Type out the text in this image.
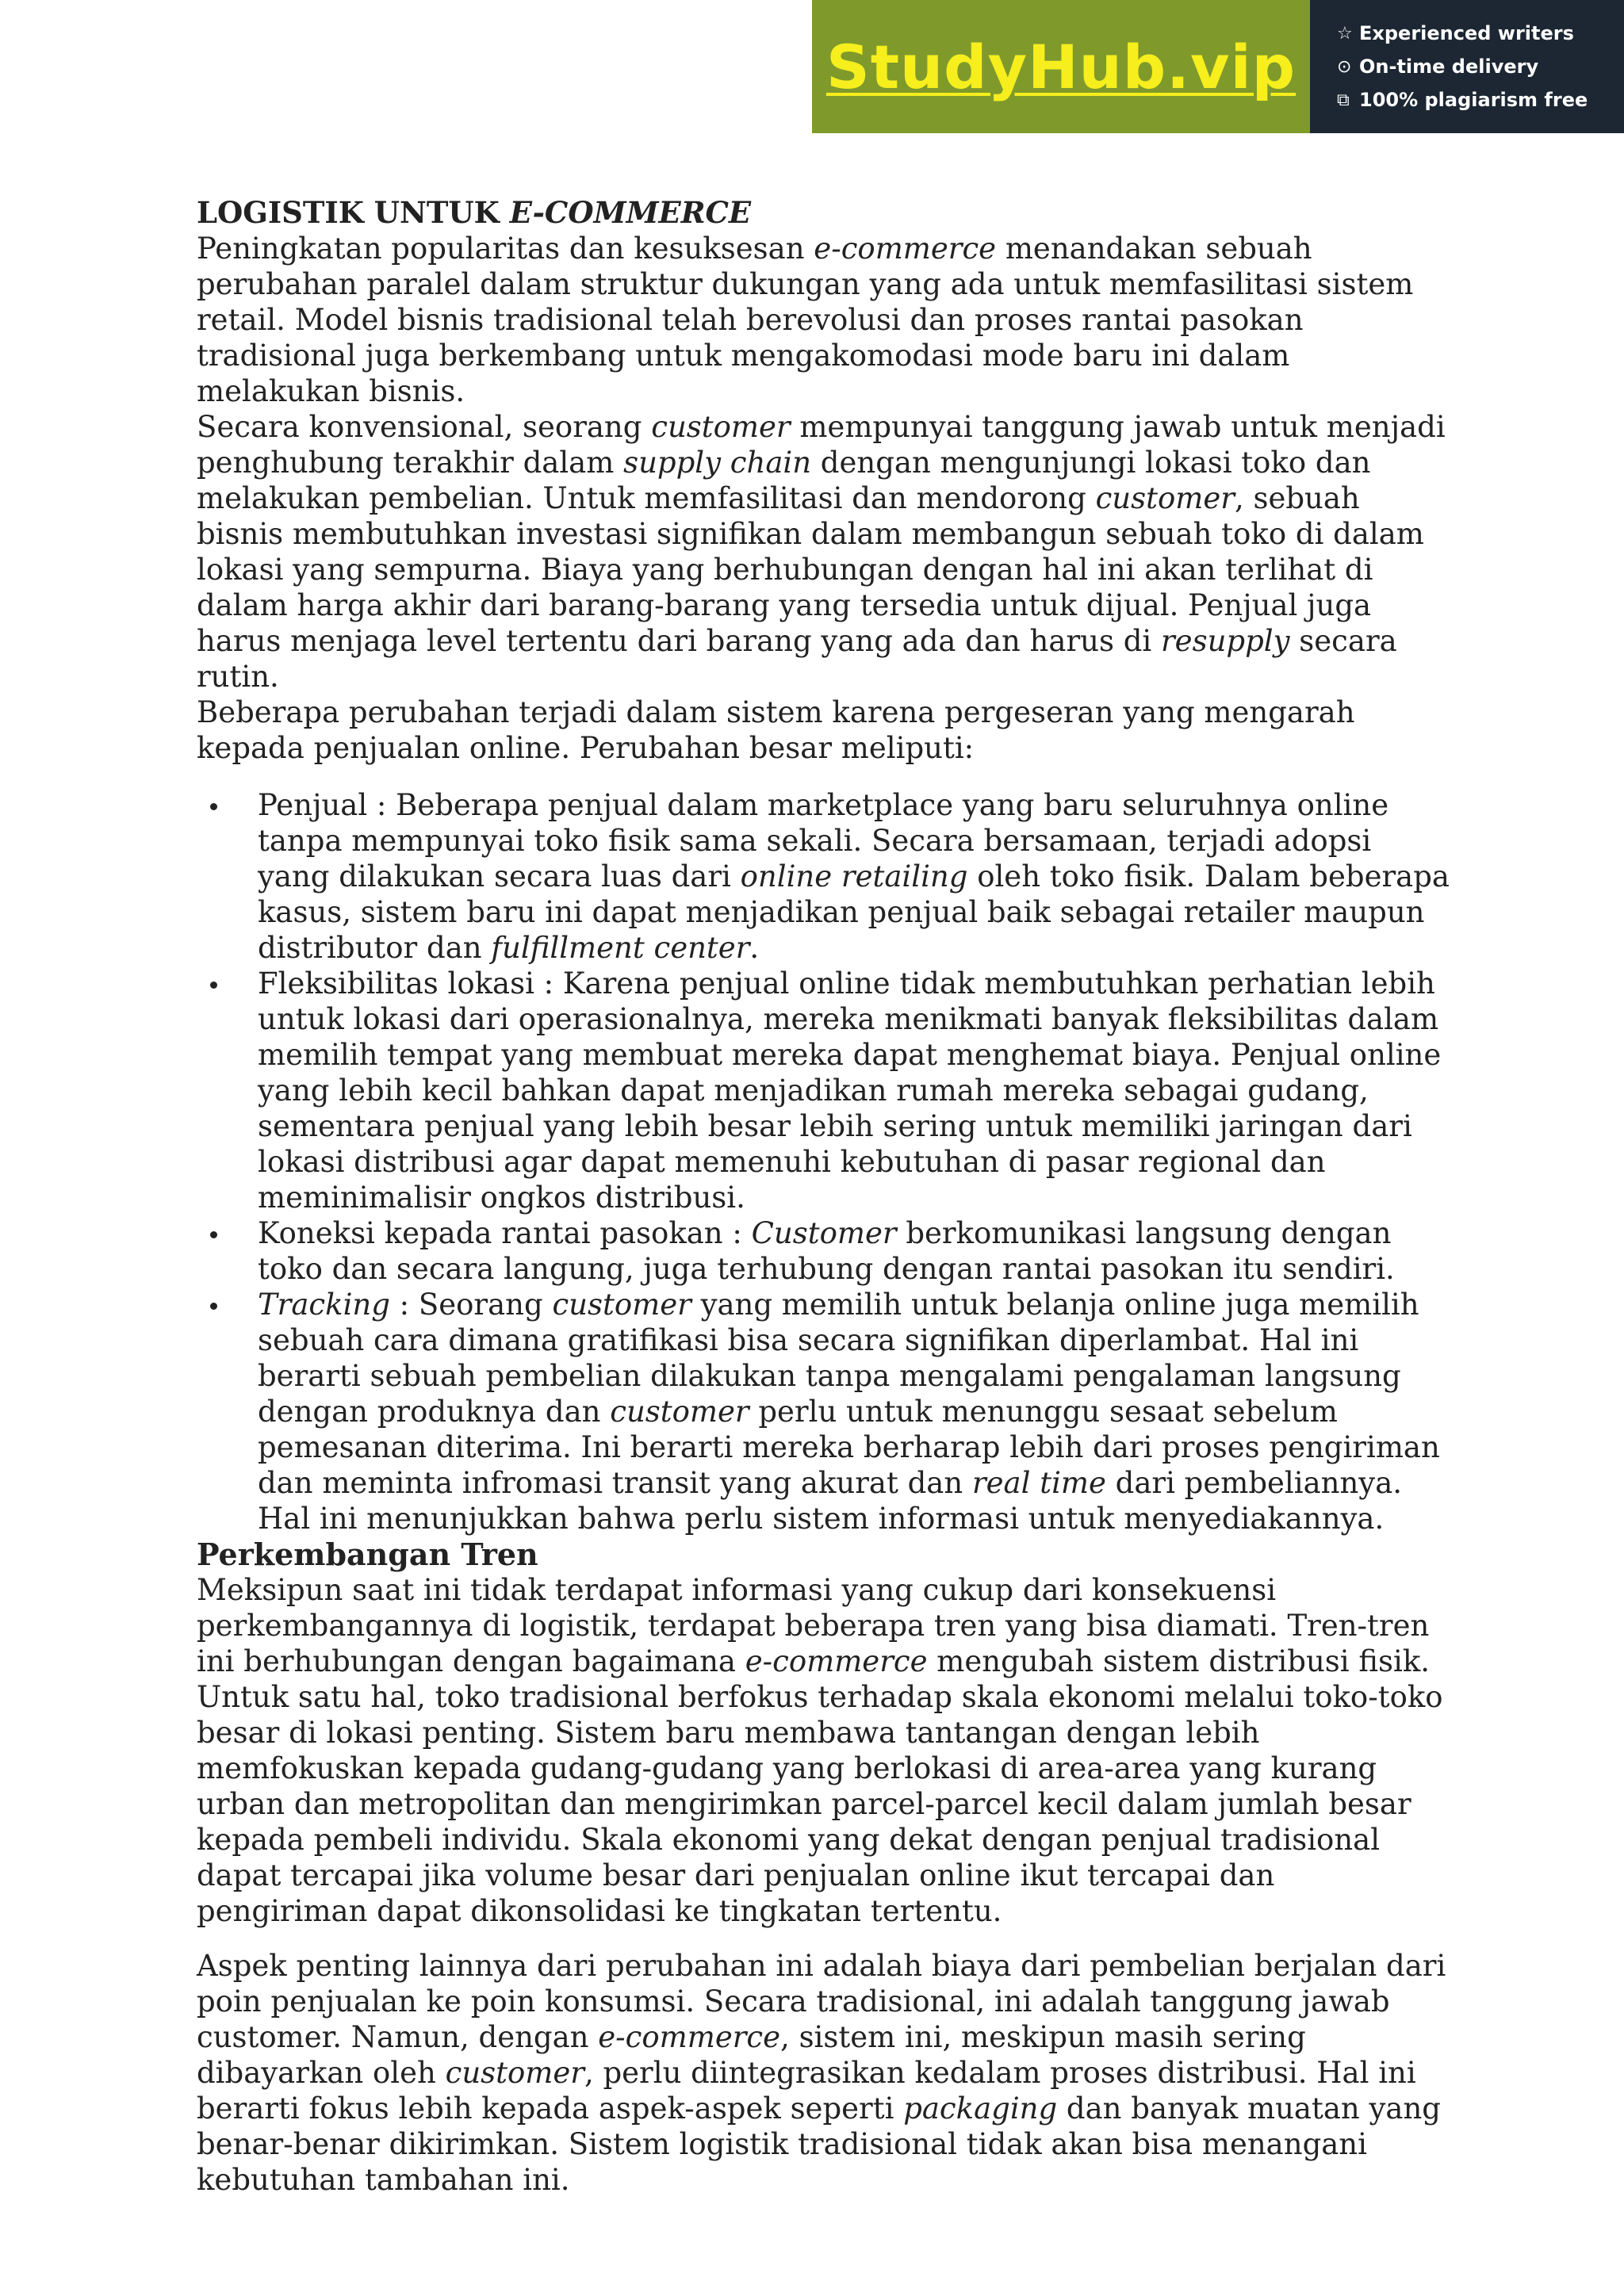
StudyHub.vip ☆ Experienced writers
⊙ On-time delivery
⧉ 100% plagiarism free

LOGISTIK UNTUK E-COMMERCE

Peningkatan popularitas dan kesuksesan e-commerce menandakan sebuah perubahan paralel dalam struktur dukungan yang ada untuk memfasilitasi sistem retail. Model bisnis tradisional telah berevolusi dan proses rantai pasokan tradisional juga berkembang untuk mengakomodasi mode baru ini dalam melakukan bisnis.

Secara konvensional, seorang customer mempunyai tanggung jawab untuk menjadi penghubung terakhir dalam supply chain dengan mengunjungi lokasi toko dan melakukan pembelian. Untuk memfasilitasi dan mendorong customer, sebuah bisnis membutuhkan investasi signifikan dalam membangun sebuah toko di dalam lokasi yang sempurna. Biaya yang berhubungan dengan hal ini akan terlihat di dalam harga akhir dari barang-barang yang tersedia untuk dijual. Penjual juga harus menjaga level tertentu dari barang yang ada dan harus di resupply secara rutin.

Beberapa perubahan terjadi dalam sistem karena pergeseran yang mengarah kepada penjualan online. Perubahan besar meliputi:

Penjual : Beberapa penjual dalam marketplace yang baru seluruhnya online tanpa mempunyai toko fisik sama sekali. Secara bersamaan, terjadi adopsi yang dilakukan secara luas dari online retailing oleh toko fisik. Dalam beberapa kasus, sistem baru ini dapat menjadikan penjual baik sebagai retailer maupun distributor dan fulfillment center.
Fleksibilitas lokasi : Karena penjual online tidak membutuhkan perhatian lebih untuk lokasi dari operasionalnya, mereka menikmati banyak fleksibilitas dalam memilih tempat yang membuat mereka dapat menghemat biaya. Penjual online yang lebih kecil bahkan dapat menjadikan rumah mereka sebagai gudang, sementara penjual yang lebih besar lebih sering untuk memiliki jaringan dari lokasi distribusi agar dapat memenuhi kebutuhan di pasar regional dan meminimalisir ongkos distribusi.
Koneksi kepada rantai pasokan : Customer berkomunikasi langsung dengan toko dan secara langung, juga terhubung dengan rantai pasokan itu sendiri.
Tracking : Seorang customer yang memilih untuk belanja online juga memilih sebuah cara dimana gratifikasi bisa secara signifikan diperlambat. Hal ini berarti sebuah pembelian dilakukan tanpa mengalami pengalaman langsung dengan produknya dan customer perlu untuk menunggu sesaat sebelum pemesanan diterima. Ini berarti mereka berharap lebih dari proses pengiriman dan meminta infromasi transit yang akurat dan real time dari pembeliannya. Hal ini menunjukkan bahwa perlu sistem informasi untuk menyediakannya.

Perkembangan Tren

Meksipun saat ini tidak terdapat informasi yang cukup dari konsekuensi perkembangannya di logistik, terdapat beberapa tren yang bisa diamati. Tren-tren ini berhubungan dengan bagaimana e-commerce mengubah sistem distribusi fisik.

Untuk satu hal, toko tradisional berfokus terhadap skala ekonomi melalui toko-toko besar di lokasi penting. Sistem baru membawa tantangan dengan lebih memfokuskan kepada gudang-gudang yang berlokasi di area-area yang kurang urban dan metropolitan dan mengirimkan parcel-parcel kecil dalam jumlah besar kepada pembeli individu. Skala ekonomi yang dekat dengan penjual tradisional dapat tercapai jika volume besar dari penjualan online ikut tercapai dan pengiriman dapat dikonsolidasi ke tingkatan tertentu.

Aspek penting lainnya dari perubahan ini adalah biaya dari pembelian berjalan dari poin penjualan ke poin konsumsi. Secara tradisional, ini adalah tanggung jawab customer. Namun, dengan e-commerce, sistem ini, meskipun masih sering dibayarkan oleh customer, perlu diintegrasikan kedalam proses distribusi. Hal ini berarti fokus lebih kepada aspek-aspek seperti packaging dan banyak muatan yang benar-benar dikirimkan. Sistem logistik tradisional tidak akan bisa menangani kebutuhan tambahan ini.
